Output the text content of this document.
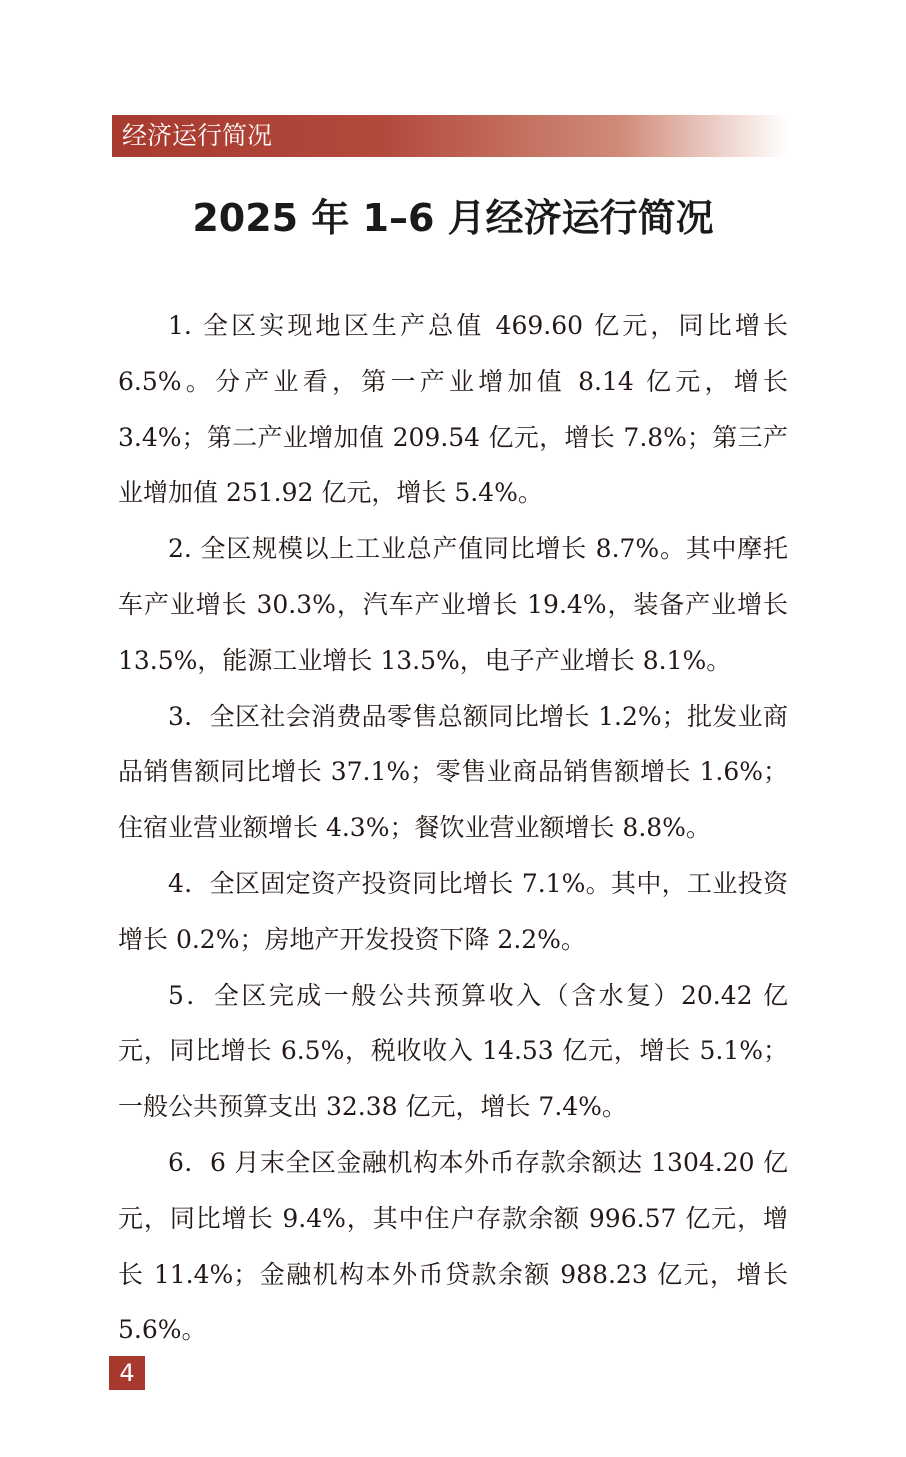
经济运行简况
2025 年 1–6 月经济运行简况

1. 全区实现地区生产总值 469.60 亿元，同比增长 6.5%。分产业看，第一产业增加值 8.14 亿元，增长 3.4%；第二产业增加值 209.54 亿元，增长 7.8%；第三产业增加值 251.92 亿元，增长 5.4%。

2. 全区规模以上工业总产值同比增长 8.7%。其中摩托车产业增长 30.3%，汽车产业增长 19.4%，装备产业增长 13.5%，能源工业增长 13.5%，电子产业增长 8.1%。

3．全区社会消费品零售总额同比增长 1.2%；批发业商品销售额同比增长 37.1%；零售业商品销售额增长 1.6%；住宿业营业额增长 4.3%；餐饮业营业额增长 8.8%。

4．全区固定资产投资同比增长 7.1%。其中，工业投资增长 0.2%；房地产开发投资下降 2.2%。

5．全区完成一般公共预算收入（含水复）20.42 亿元，同比增长 6.5%，税收收入 14.53 亿元，增长 5.1%；一般公共预算支出 32.38 亿元，增长 7.4%。

6．6 月末全区金融机构本外币存款余额达 1304.20 亿元，同比增长 9.4%，其中住户存款余额 996.57 亿元，增长 11.4%；金融机构本外币贷款余额 988.23 亿元，增长 5.6%。

4
